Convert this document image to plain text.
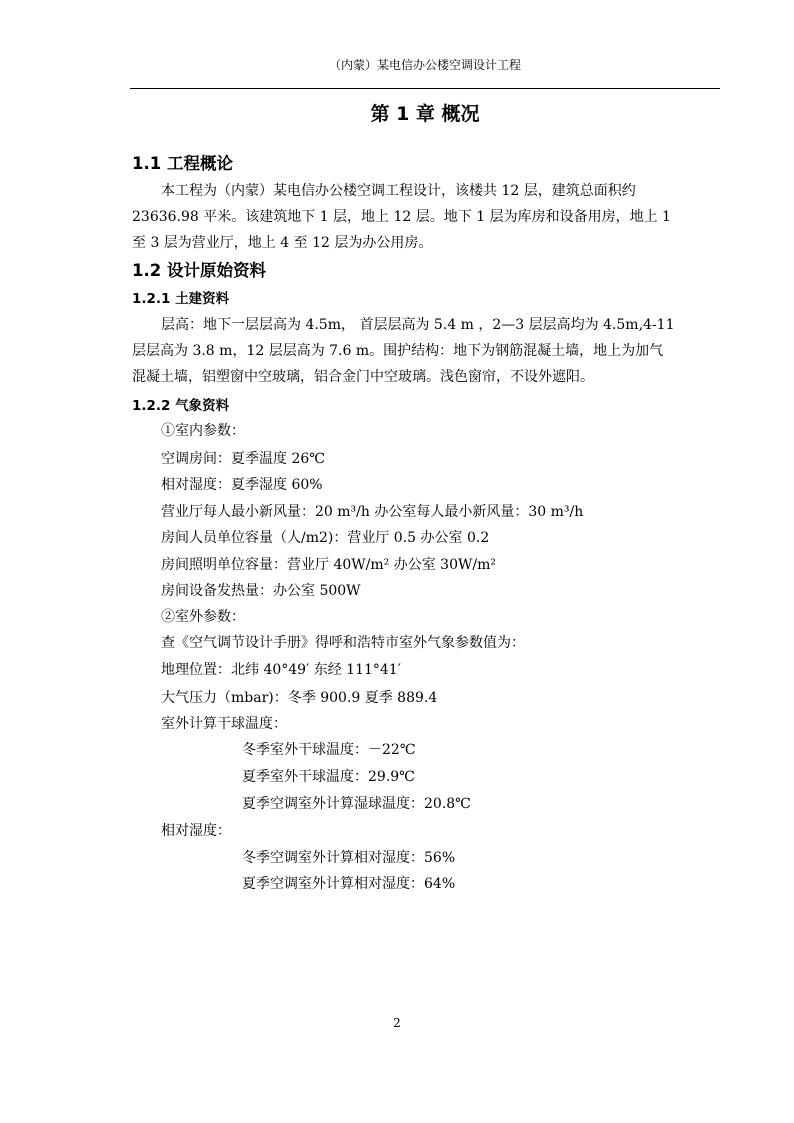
（内蒙）某电信办公楼空调设计工程
第 1 章 概况
1.1 工程概论
本工程为（内蒙）某电信办公楼空调工程设计，该楼共 12 层，建筑总面积约
23636.98 平米。该建筑地下 1 层，地上 12 层。地下 1 层为库房和设备用房，地上 1
至 3 层为营业厅，地上 4 至 12 层为办公用房。
1.2 设计原始资料
1.2.1 土建资料
层高：地下一层层高为 4.5m， 首层层高为 5.4 m ，2—3 层层高均为 4.5m,4-11
层层高为 3.8 m，12 层层高为 7.6 m。围护结构：地下为钢筋混凝土墙，地上为加气
混凝土墙，铝塑窗中空玻璃，铝合金门中空玻璃。浅色窗帘，不设外遮阳。
1.2.2 气象资料
①室内参数：
空调房间：夏季温度 26℃
相对湿度：夏季湿度 60%
营业厅每人最小新风量：20 m³/h 办公室每人最小新风量：30 m³/h
房间人员单位容量（人/m2)：营业厅 0.5 办公室 0.2
房间照明单位容量：营业厅 40W/m² 办公室 30W/m²
房间设备发热量：办公室 500W
②室外参数：
查《空气调节设计手册》得呼和浩特市室外气象参数值为：
地理位置：北纬 40°49′ 东经 111°41′
大气压力（mbar)：冬季 900.9 夏季 889.4
室外计算干球温度：
冬季室外干球温度：－22℃
夏季室外干球温度：29.9℃
夏季空调室外计算湿球温度：20.8℃
相对湿度：
冬季空调室外计算相对湿度：56%
夏季空调室外计算相对湿度：64%
2
